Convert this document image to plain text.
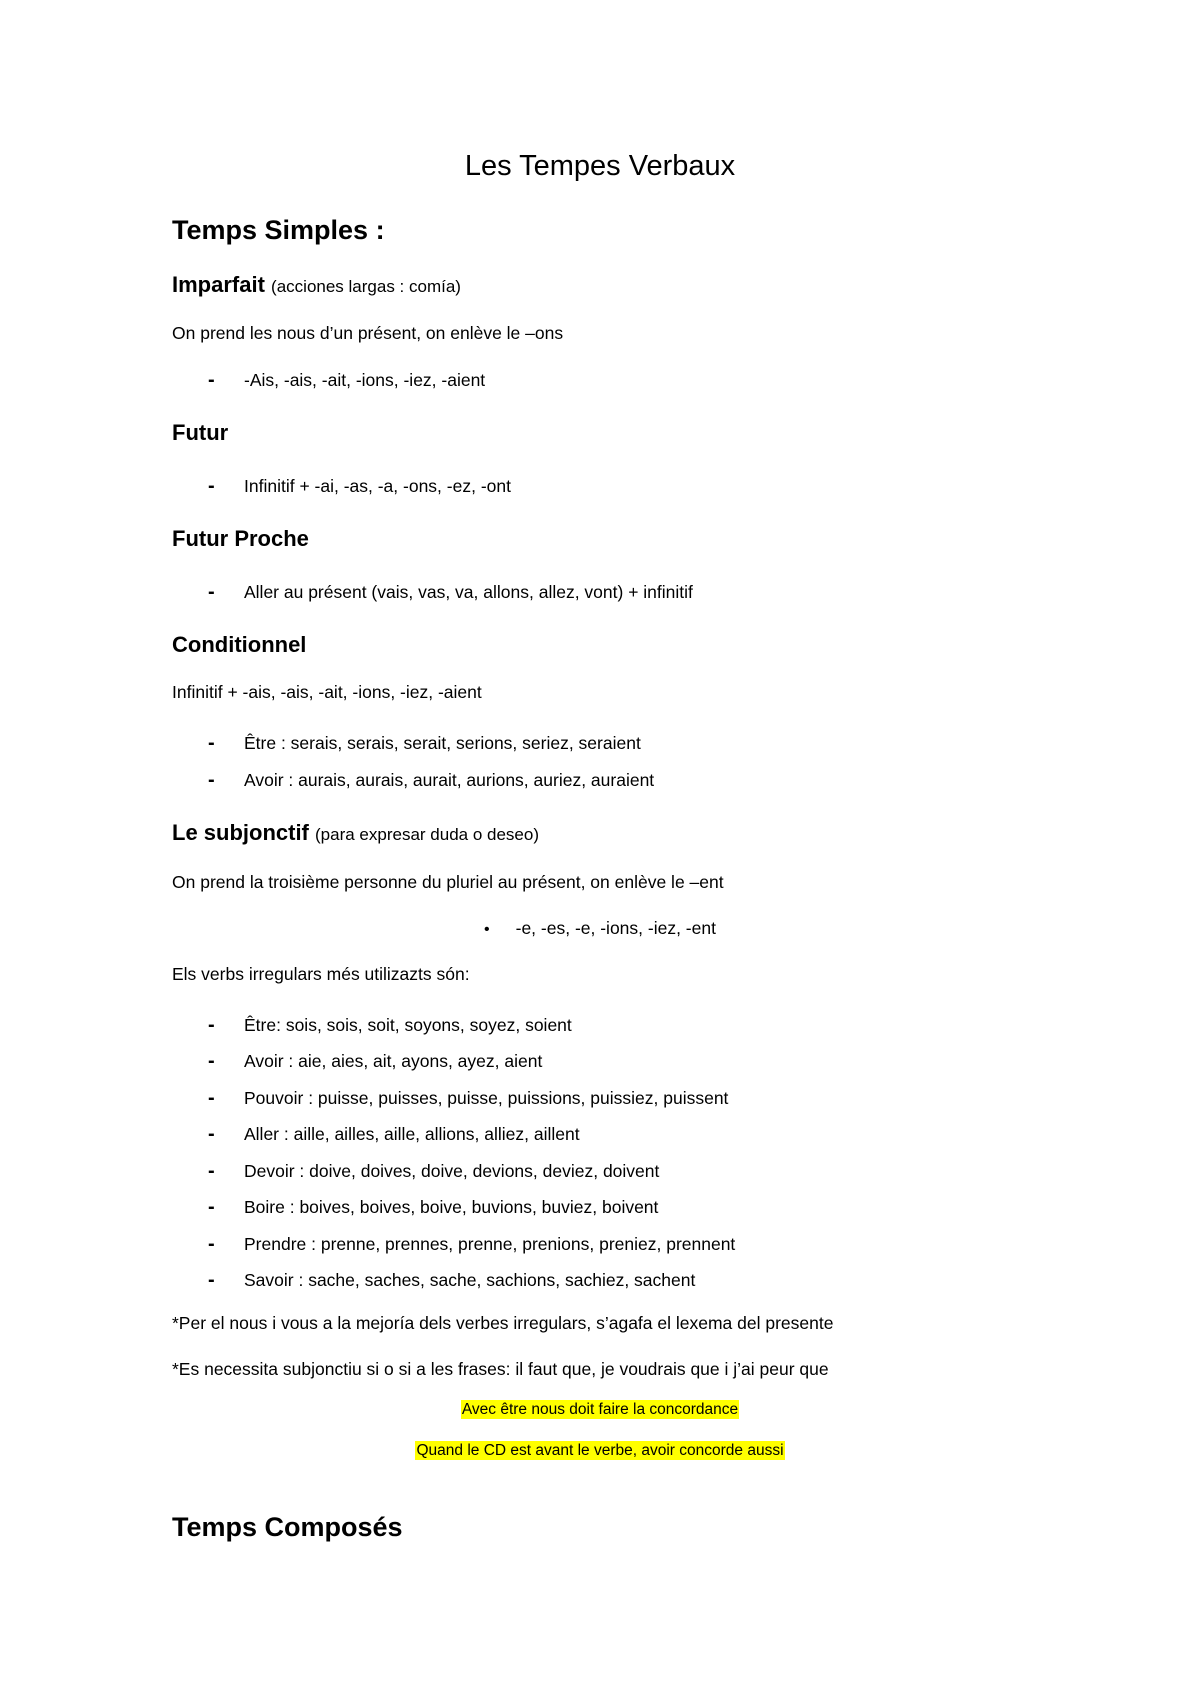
Les Tempes Verbaux
Temps Simples :
Imparfait (acciones largas : comía)
On prend les nous d’un présent, on enlève le –ons
- -Ais, -ais, -ait, -ions, -iez, -aient
Futur
- Infinitif + -ai, -as, -a, -ons, -ez, -ont
Futur Proche
- Aller au présent (vais, vas, va, allons, allez, vont) + infinitif
Conditionnel
Infinitif + -ais, -ais, -ait, -ions, -iez, -aient
- Être : serais, serais, serait, serions, seriez, seraient
- Avoir : aurais, aurais, aurait, aurions, auriez, auraient
Le subjonctif (para expresar duda o deseo)
On prend la troisième personne du pluriel au présent, on enlève le –ent
• -e, -es, -e, -ions, -iez, -ent
Els verbs irregulars més utilizazts són:
- Être: sois, sois, soit, soyons, soyez, soient
- Avoir : aie, aies, ait, ayons, ayez, aient
- Pouvoir : puisse, puisses, puisse, puissions, puissiez, puissent
- Aller : aille, ailles, aille, allions, alliez, aillent
- Devoir : doive, doives, doive, devions, deviez, doivent
- Boire : boives, boives, boive, buvions, buviez, boivent
- Prendre : prenne, prennes, prenne, prenions, preniez, prennent
- Savoir : sache, saches, sache, sachions, sachiez, sachent
*Per el nous i vous a la mejoría dels verbes irregulars, s’agafa el lexema del presente
*Es necessita subjonctiu si o si a les frases: il faut que, je voudrais que i j’ai peur que
Avec être nous doit faire la concordance
Quand le CD est avant le verbe, avoir concorde aussi
Temps Composés
